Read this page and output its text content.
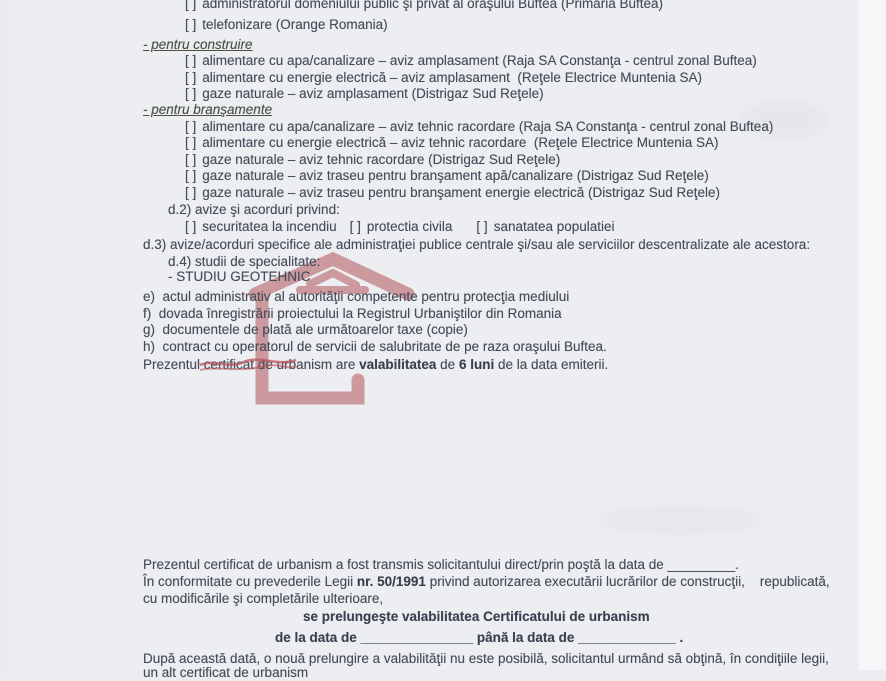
[ ] administratorul domeniului public şi privat al oraşului Buftea (Primăria Buftea)
[ ] telefonizare (Orange Romania)
- pentru construire
[ ] alimentare cu apa/canalizare – aviz amplasament (Raja SA Constanţa - centrul zonal Buftea)
[ ] alimentare cu energie electrică – aviz amplasament  (Reţele Electrice Muntenia SA)
[ ] gaze naturale – aviz amplasament (Distrigaz Sud Reţele)
- pentru branşamente
[ ] alimentare cu apa/canalizare – aviz tehnic racordare (Raja SA Constanţa - centrul zonal Buftea)
[ ] alimentare cu energie electrică – aviz tehnic racordare  (Reţele Electrice Muntenia SA)
[ ] gaze naturale – aviz tehnic racordare (Distrigaz Sud Reţele)
[ ] gaze naturale – aviz traseu pentru branşament apă/canalizare (Distrigaz Sud Reţele)
[ ] gaze naturale – aviz traseu pentru branşament energie electrică (Distrigaz Sud Reţele)
d.2) avize şi acorduri privind:
[ ] securitatea la incendiu [ ] protectia civila [ ] sanatatea populatiei
d.3) avize/acorduri specifice ale administraţiei publice centrale şi/sau ale serviciilor descentralizate ale acestora:
d.4) studii de specialitate:
- STUDIU GEOTEHNIC
e)  actul administrativ al autorităţii competente pentru protecţia mediului
f)  dovada înregistrării proiectului la Registrul Urbaniştilor din Romania
g)  documentele de plată ale următoarelor taxe (copie)
h)  contract cu operatorul de servicii de salubritate de pe raza oraşului Buftea.
Prezentul certificat de
urbanism are valabilitatea de 6 luni de la data emiterii.
Prezentul certificat de urbanism a fost transmis solicitantului direct/prin poştă la data de _________.
În conformitate cu prevederile Legii nr. 50/1991 privind autorizarea executării lucrărilor de construcţii,    republicată,
cu modificările şi completările ulterioare,
se prelungeşte valabilitatea Certificatului de urbanism
de la data de _______________ până la data de _____________ .
După această dată, o nouă prelungire a valabilităţii nu este posibilă, solicitantul urmând să obţină, în condiţiile legii,
un alt certificat de urbanism
